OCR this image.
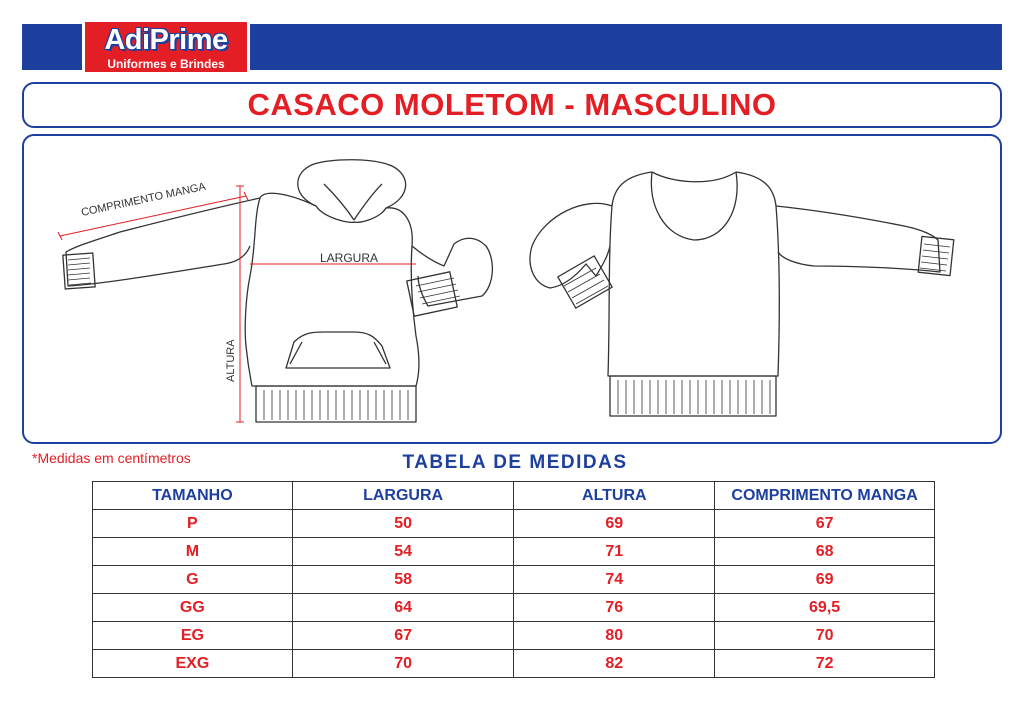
AdiPrime
Uniformes e Brindes
CASACO MOLETOM - MASCULINO
COMPRIMENTO MANGA
LARGURA
ALTURA
*Medidas em centímetros	TABELA DE MEDIDAS
TAMANHO	LARGURA	ALTURA	COMPRIMENTO MANGA
P	50	69	67
M	54	71	68
G	58	74	69
GG	64	76	69,5
EG	67	80	70
EXG	70	82	72
